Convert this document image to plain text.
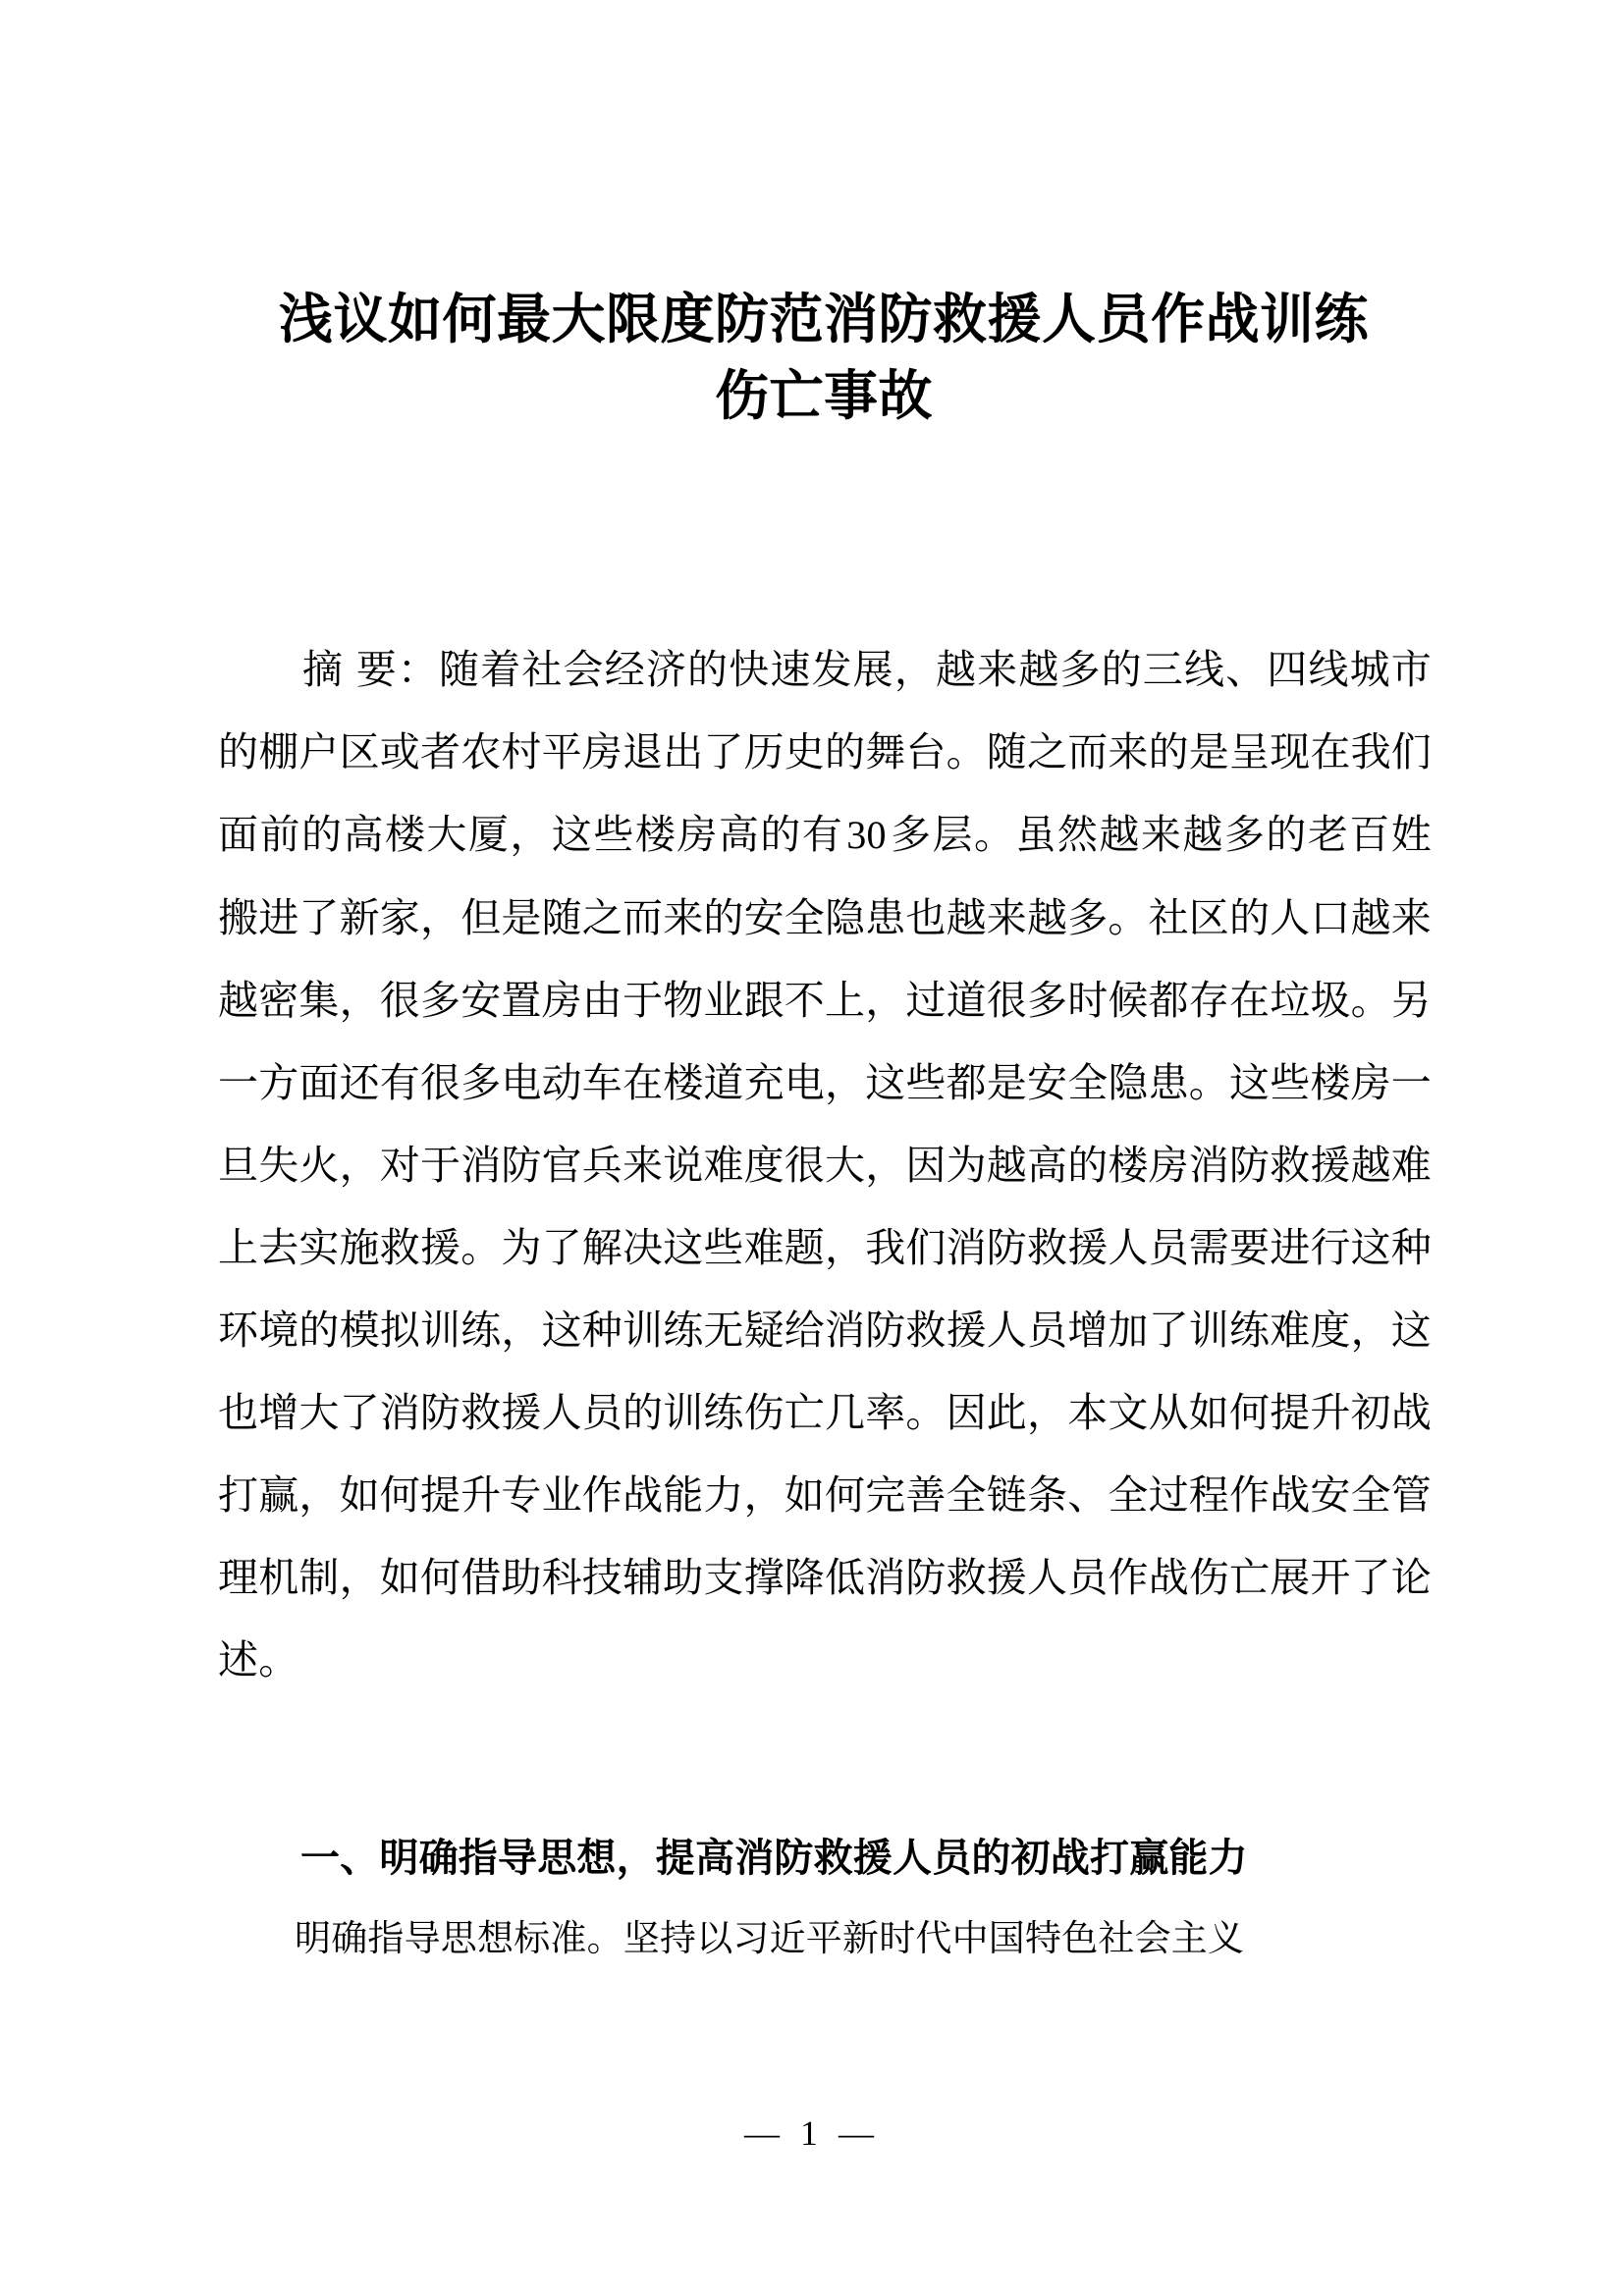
浅议如何最大限度防范消防救援人员作战训练
伤亡事故

摘 要：随着社会经济的快速发展，越来越多的三线、四线城市的棚户区或者农村平房退出了历史的舞台。随之而来的是呈现在我们面前的高楼大厦，这些楼房高的有30多层。虽然越来越多的老百姓搬进了新家，但是随之而来的安全隐患也越来越多。社区的人口越来越密集，很多安置房由于物业跟不上，过道很多时候都存在垃圾。另一方面还有很多电动车在楼道充电，这些都是安全隐患。这些楼房一旦失火，对于消防官兵来说难度很大，因为越高的楼房消防救援越难上去实施救援。为了解决这些难题，我们消防救援人员需要进行这种环境的模拟训练，这种训练无疑给消防救援人员增加了训练难度，这也增大了消防救援人员的训练伤亡几率。因此，本文从如何提升初战打赢，如何提升专业作战能力，如何完善全链条、全过程作战安全管理机制，如何借助科技辅助支撑降低消防救援人员作战伤亡展开了论述。

一、明确指导思想，提高消防救援人员的初战打赢能力

明确指导思想标准。坚持以习近平新时代中国特色社会主义

— 1 —
